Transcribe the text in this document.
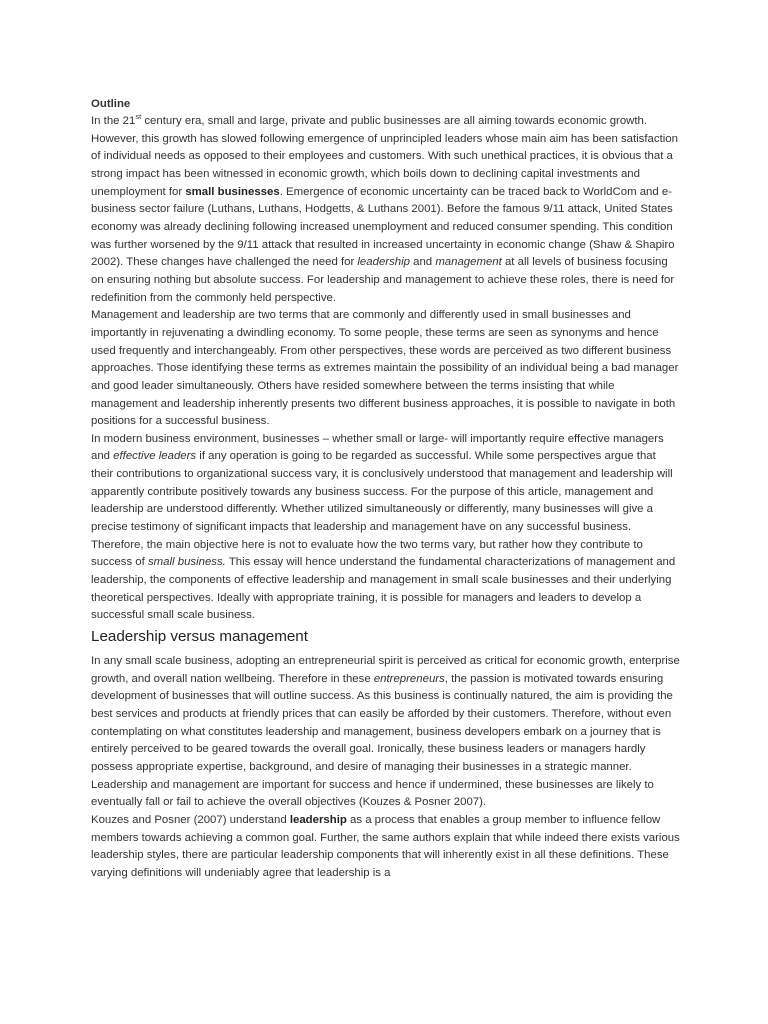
Outline

In the 21st century era, small and large, private and public businesses are all aiming towards economic growth. However, this growth has slowed following emergence of unprincipled leaders whose main aim has been satisfaction of individual needs as opposed to their employees and customers. With such unethical practices, it is obvious that a strong impact has been witnessed in economic growth, which boils down to declining capital investments and unemployment for small businesses. Emergence of economic uncertainty can be traced back to WorldCom and e-business sector failure (Luthans, Luthans, Hodgetts, & Luthans 2001). Before the famous 9/11 attack, United States economy was already declining following increased unemployment and reduced consumer spending. This condition was further worsened by the 9/11 attack that resulted in increased uncertainty in economic change (Shaw & Shapiro 2002). These changes have challenged the need for leadership and management at all levels of business focusing on ensuring nothing but absolute success. For leadership and management to achieve these roles, there is need for redefinition from the commonly held perspective.

Management and leadership are two terms that are commonly and differently used in small businesses and importantly in rejuvenating a dwindling economy. To some people, these terms are seen as synonyms and hence used frequently and interchangeably. From other perspectives, these words are perceived as two different business approaches. Those identifying these terms as extremes maintain the possibility of an individual being a bad manager and good leader simultaneously. Others have resided somewhere between the terms insisting that while management and leadership inherently presents two different business approaches, it is possible to navigate in both positions for a successful business.

In modern business environment, businesses – whether small or large- will importantly require effective managers and effective leaders if any operation is going to be regarded as successful. While some perspectives argue that their contributions to organizational success vary, it is conclusively understood that management and leadership will apparently contribute positively towards any business success. For the purpose of this article, management and leadership are understood differently. Whether utilized simultaneously or differently, many businesses will give a precise testimony of significant impacts that leadership and management have on any successful business. Therefore, the main objective here is not to evaluate how the two terms vary, but rather how they contribute to success of small business. This essay will hence understand the fundamental characterizations of management and leadership, the components of effective leadership and management in small scale businesses and their underlying theoretical perspectives. Ideally with appropriate training, it is possible for managers and leaders to develop a successful small scale business.

Leadership versus management

In any small scale business, adopting an entrepreneurial spirit is perceived as critical for economic growth, enterprise growth, and overall nation wellbeing. Therefore in these entrepreneurs, the passion is motivated towards ensuring development of businesses that will outline success. As this business is continually natured, the aim is providing the best services and products at friendly prices that can easily be afforded by their customers. Therefore, without even contemplating on what constitutes leadership and management, business developers embark on a journey that is entirely perceived to be geared towards the overall goal. Ironically, these business leaders or managers hardly possess appropriate expertise, background, and desire of managing their businesses in a strategic manner. Leadership and management are important for success and hence if undermined, these businesses are likely to eventually fall or fail to achieve the overall objectives (Kouzes & Posner 2007).

Kouzes and Posner (2007) understand leadership as a process that enables a group member to influence fellow members towards achieving a common goal. Further, the same authors explain that while indeed there exists various leadership styles, there are particular leadership components that will inherently exist in all these definitions. These varying definitions will undeniably agree that leadership is a
